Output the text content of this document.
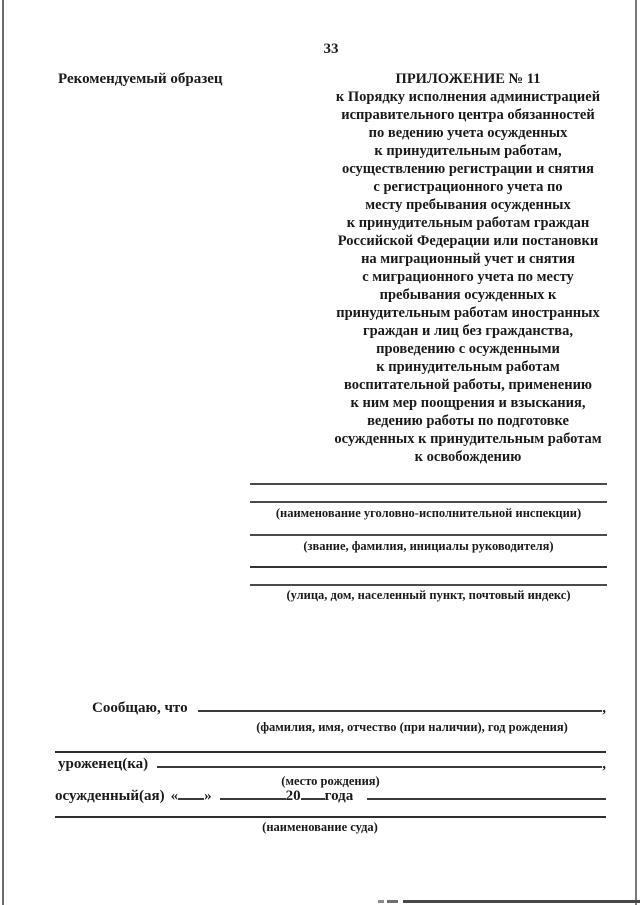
33
Рекомендуемый образец	ПРИЛОЖЕНИЕ № 11
к Порядку исполнения администрацией
исправительного центра обязанностей
по ведению учета осужденных
к принудительным работам,
осуществлению регистрации и снятия
с регистрационного учета по
месту пребывания осужденных
к принудительным работам граждан
Российской Федерации или постановки
на миграционный учет и снятия
с миграционного учета по месту
пребывания осужденных к
принудительным работам иностранных
граждан и лиц без гражданства,
проведению с осужденными
к принудительным работам
воспитательной работы, применению
к ним мер поощрения и взыскания,
ведению работы по подготовке
осужденных к принудительным работам
к освобождению
(наименование уголовно-исполнительной инспекции)
(звание, фамилия, инициалы руководителя)
(улица, дом, населенный пункт, почтовый индекс)
Сообщаю, что	,
(фамилия, имя, отчество (при наличии), год рождения)
уроженец(ка)	,
(место рождения)
осужденный(ая) « »	20 года
(наименование суда)
